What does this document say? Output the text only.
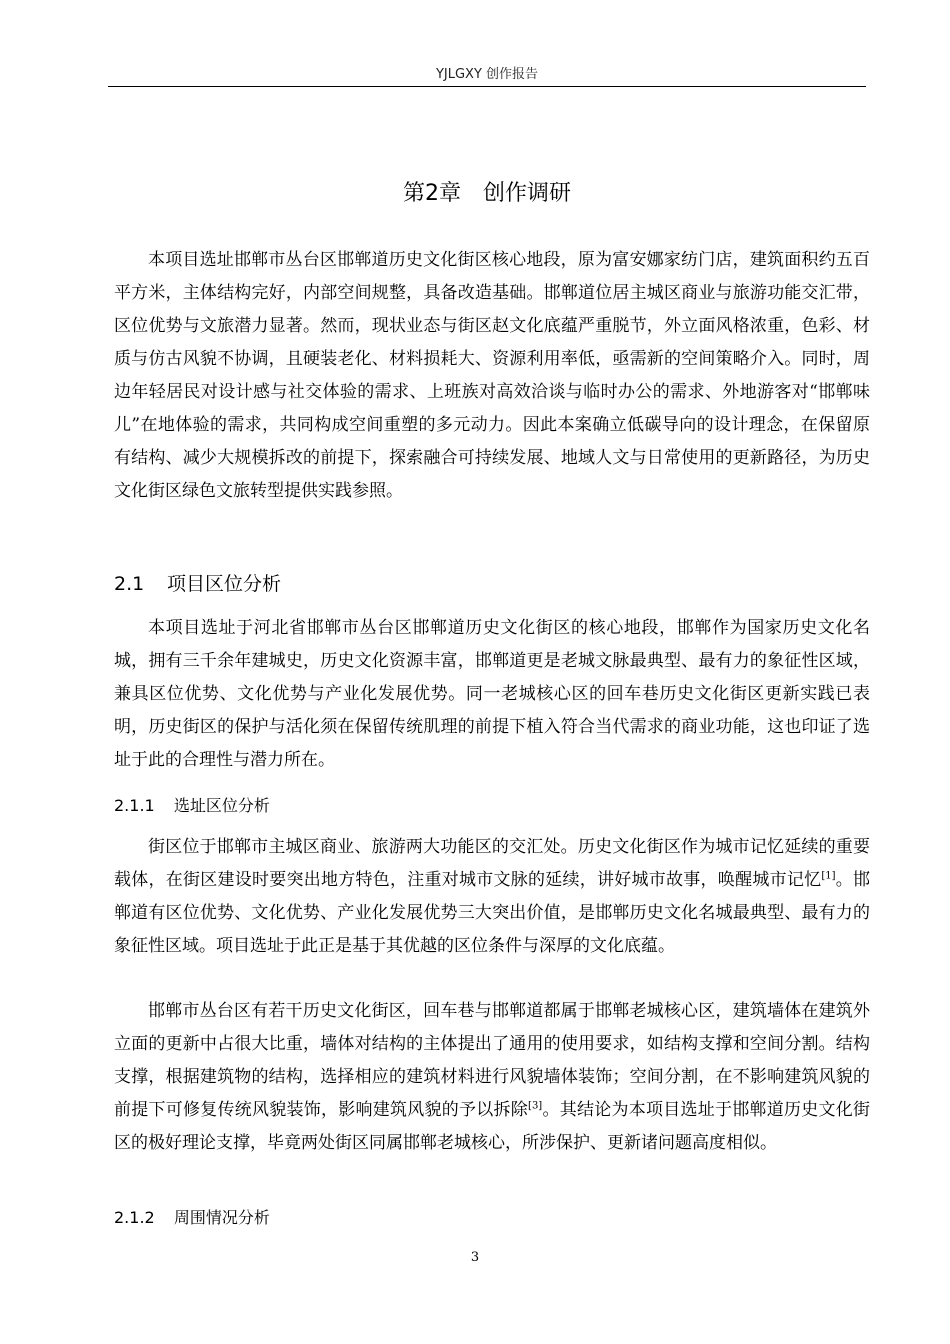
YJLGXY 创作报告
第2章　创作调研

本项目选址邯郸市丛台区邯郸道历史文化街区核心地段，原为富安娜家纺门店，建筑面积约五百平方米，主体结构完好，内部空间规整，具备改造基础。邯郸道位居主城区商业与旅游功能交汇带，区位优势与文旅潜力显著。然而，现状业态与街区赵文化底蕴严重脱节，外立面风格浓重，色彩、材质与仿古风貌不协调，且硬装老化、材料损耗大、资源利用率低，亟需新的空间策略介入。同时，周边年轻居民对设计感与社交体验的需求、上班族对高效洽谈与临时办公的需求、外地游客对“邯郸味儿”在地体验的需求，共同构成空间重塑的多元动力。因此本案确立低碳导向的设计理念，在保留原有结构、减少大规模拆改的前提下，探索融合可持续发展、地域人文与日常使用的更新路径，为历史文化街区绿色文旅转型提供实践参照。

2.1 项目区位分析

本项目选址于河北省邯郸市丛台区邯郸道历史文化街区的核心地段，邯郸作为国家历史文化名城，拥有三千余年建城史，历史文化资源丰富，邯郸道更是老城文脉最典型、最有力的象征性区域，兼具区位优势、文化优势与产业化发展优势。同一老城核心区的回车巷历史文化街区更新实践已表明，历史街区的保护与活化须在保留传统肌理的前提下植入符合当代需求的商业功能，这也印证了选址于此的合理性与潜力所在。

2.1.1 选址区位分析

街区位于邯郸市主城区商业、旅游两大功能区的交汇处。历史文化街区作为城市记忆延续的重要载体，在街区建设时要突出地方特色，注重对城市文脉的延续，讲好城市故事，唤醒城市记忆[1]。邯郸道有区位优势、文化优势、产业化发展优势三大突出价值，是邯郸历史文化名城最典型、最有力的象征性区域。项目选址于此正是基于其优越的区位条件与深厚的文化底蕴。

邯郸市丛台区有若干历史文化街区，回车巷与邯郸道都属于邯郸老城核心区，建筑墙体在建筑外立面的更新中占很大比重，墙体对结构的主体提出了通用的使用要求，如结构支撑和空间分割。结构支撑，根据建筑物的结构，选择相应的建筑材料进行风貌墙体装饰；空间分割，在不影响建筑风貌的前提下可修复传统风貌装饰，影响建筑风貌的予以拆除[3]。其结论为本项目选址于邯郸道历史文化街区的极好理论支撑，毕竟两处街区同属邯郸老城核心，所涉保护、更新诸问题高度相似。

2.1.2 周围情况分析
3
